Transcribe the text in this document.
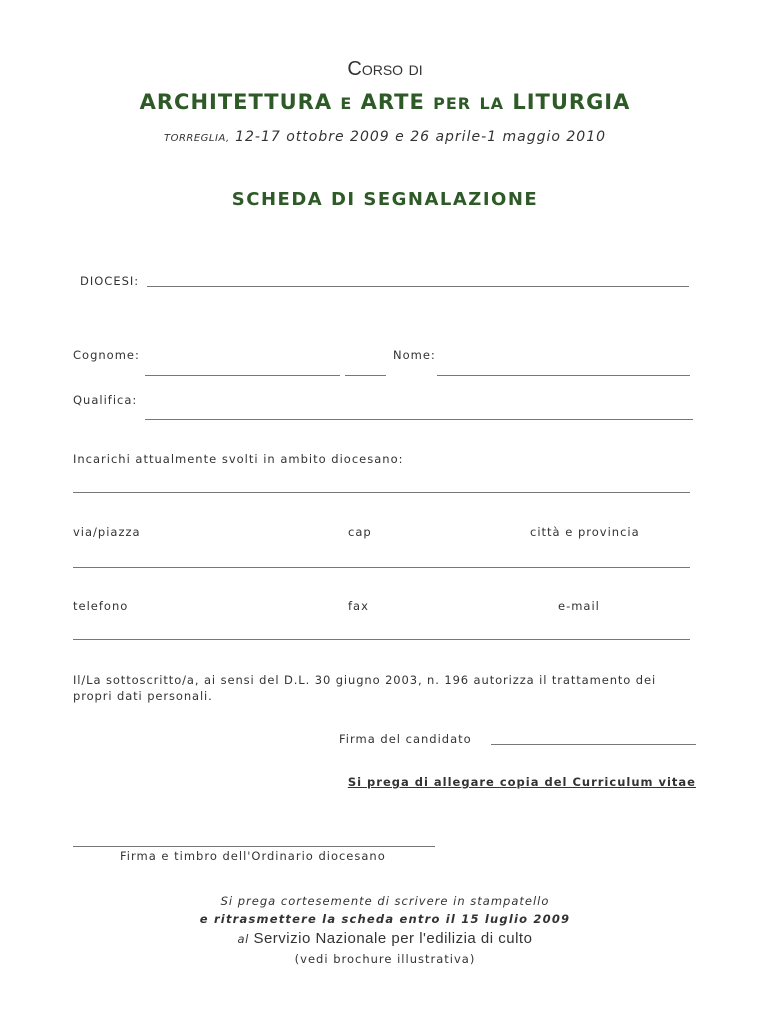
Corso di
ARCHITETTURA E ARTE PER LA LITURGIA
TORREGLIA, 12-17 ottobre 2009 e 26 aprile-1 maggio 2010
SCHEDA DI SEGNALAZIONE
DIOCESI:
Cognome:	Nome:
Qualifica:
Incarichi attualmente svolti in ambito diocesano:
via/piazza	cap	città e provincia
telefono	fax	e-mail
Il/La sottoscritto/a, ai sensi del D.L. 30 giugno 2003, n. 196 autorizza il trattamento dei propri dati personali.
Firma del candidato
Si prega di allegare copia del Curriculum vitae
Firma e timbro dell'Ordinario diocesano
Si prega cortesemente di scrivere in stampatello
e ritrasmettere la scheda entro il 15 luglio 2009
al Servizio Nazionale per l'edilizia di culto
(vedi brochure illustrativa)
